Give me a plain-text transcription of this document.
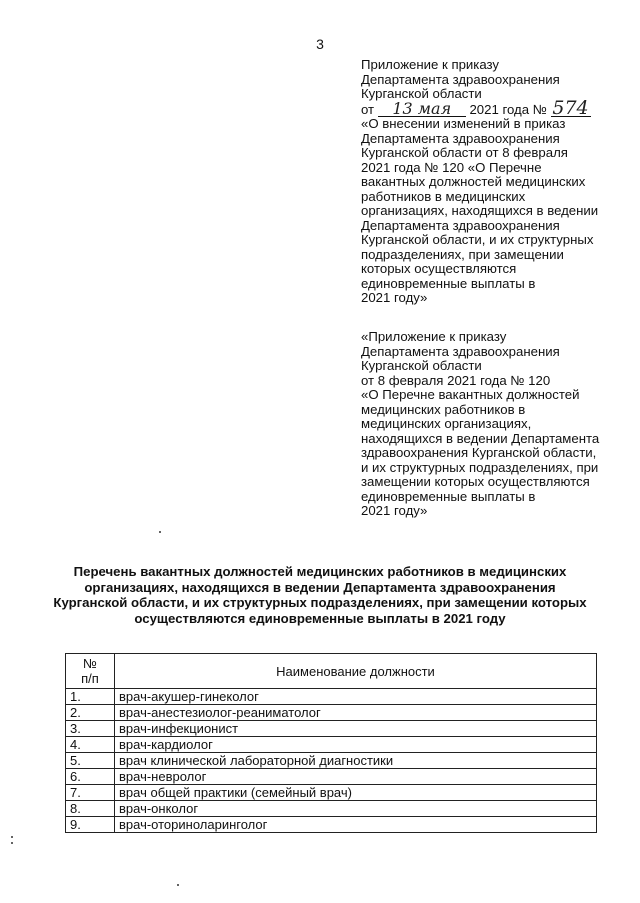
3
Приложение к приказу
Департамента здравоохранения
Курганской области
от 13 мая 2021 года № 574
«О внесении изменений в приказ
Департамента здравоохранения
Курганской области от 8 февраля
2021 года № 120 «О Перечне
вакантных должностей медицинских
работников в медицинских
организациях, находящихся в ведении
Департамента здравоохранения
Курганской области, и их структурных
подразделениях, при замещении
которых осуществляются
единовременные выплаты в
2021 году»
«Приложение к приказу
Департамента здравоохранения
Курганской области
от 8 февраля 2021 года № 120
«О Перечне вакантных должностей
медицинских работников в
медицинских организациях,
находящихся в ведении Департамента
здравоохранения Курганской области,
и их структурных подразделениях, при
замещении которых осуществляются
единовременные выплаты в
2021 году»
Перечень вакантных должностей медицинских работников в медицинских
организациях, находящихся в ведении Департамента здравоохранения
Курганской области, и их структурных подразделениях, при замещении которых
осуществляются единовременные выплаты в 2021 году
№
п/п	Наименование должности
1.	врач-акушер-гинеколог
2.	врач-анестезиолог-реаниматолог
3.	врач-инфекционист
4.	врач-кардиолог
5.	врач клинической лабораторной диагностики
6.	врач-невролог
7.	врач общей практики (семейный врач)
8.	врач-онколог
9.	врач-оториноларинголог
